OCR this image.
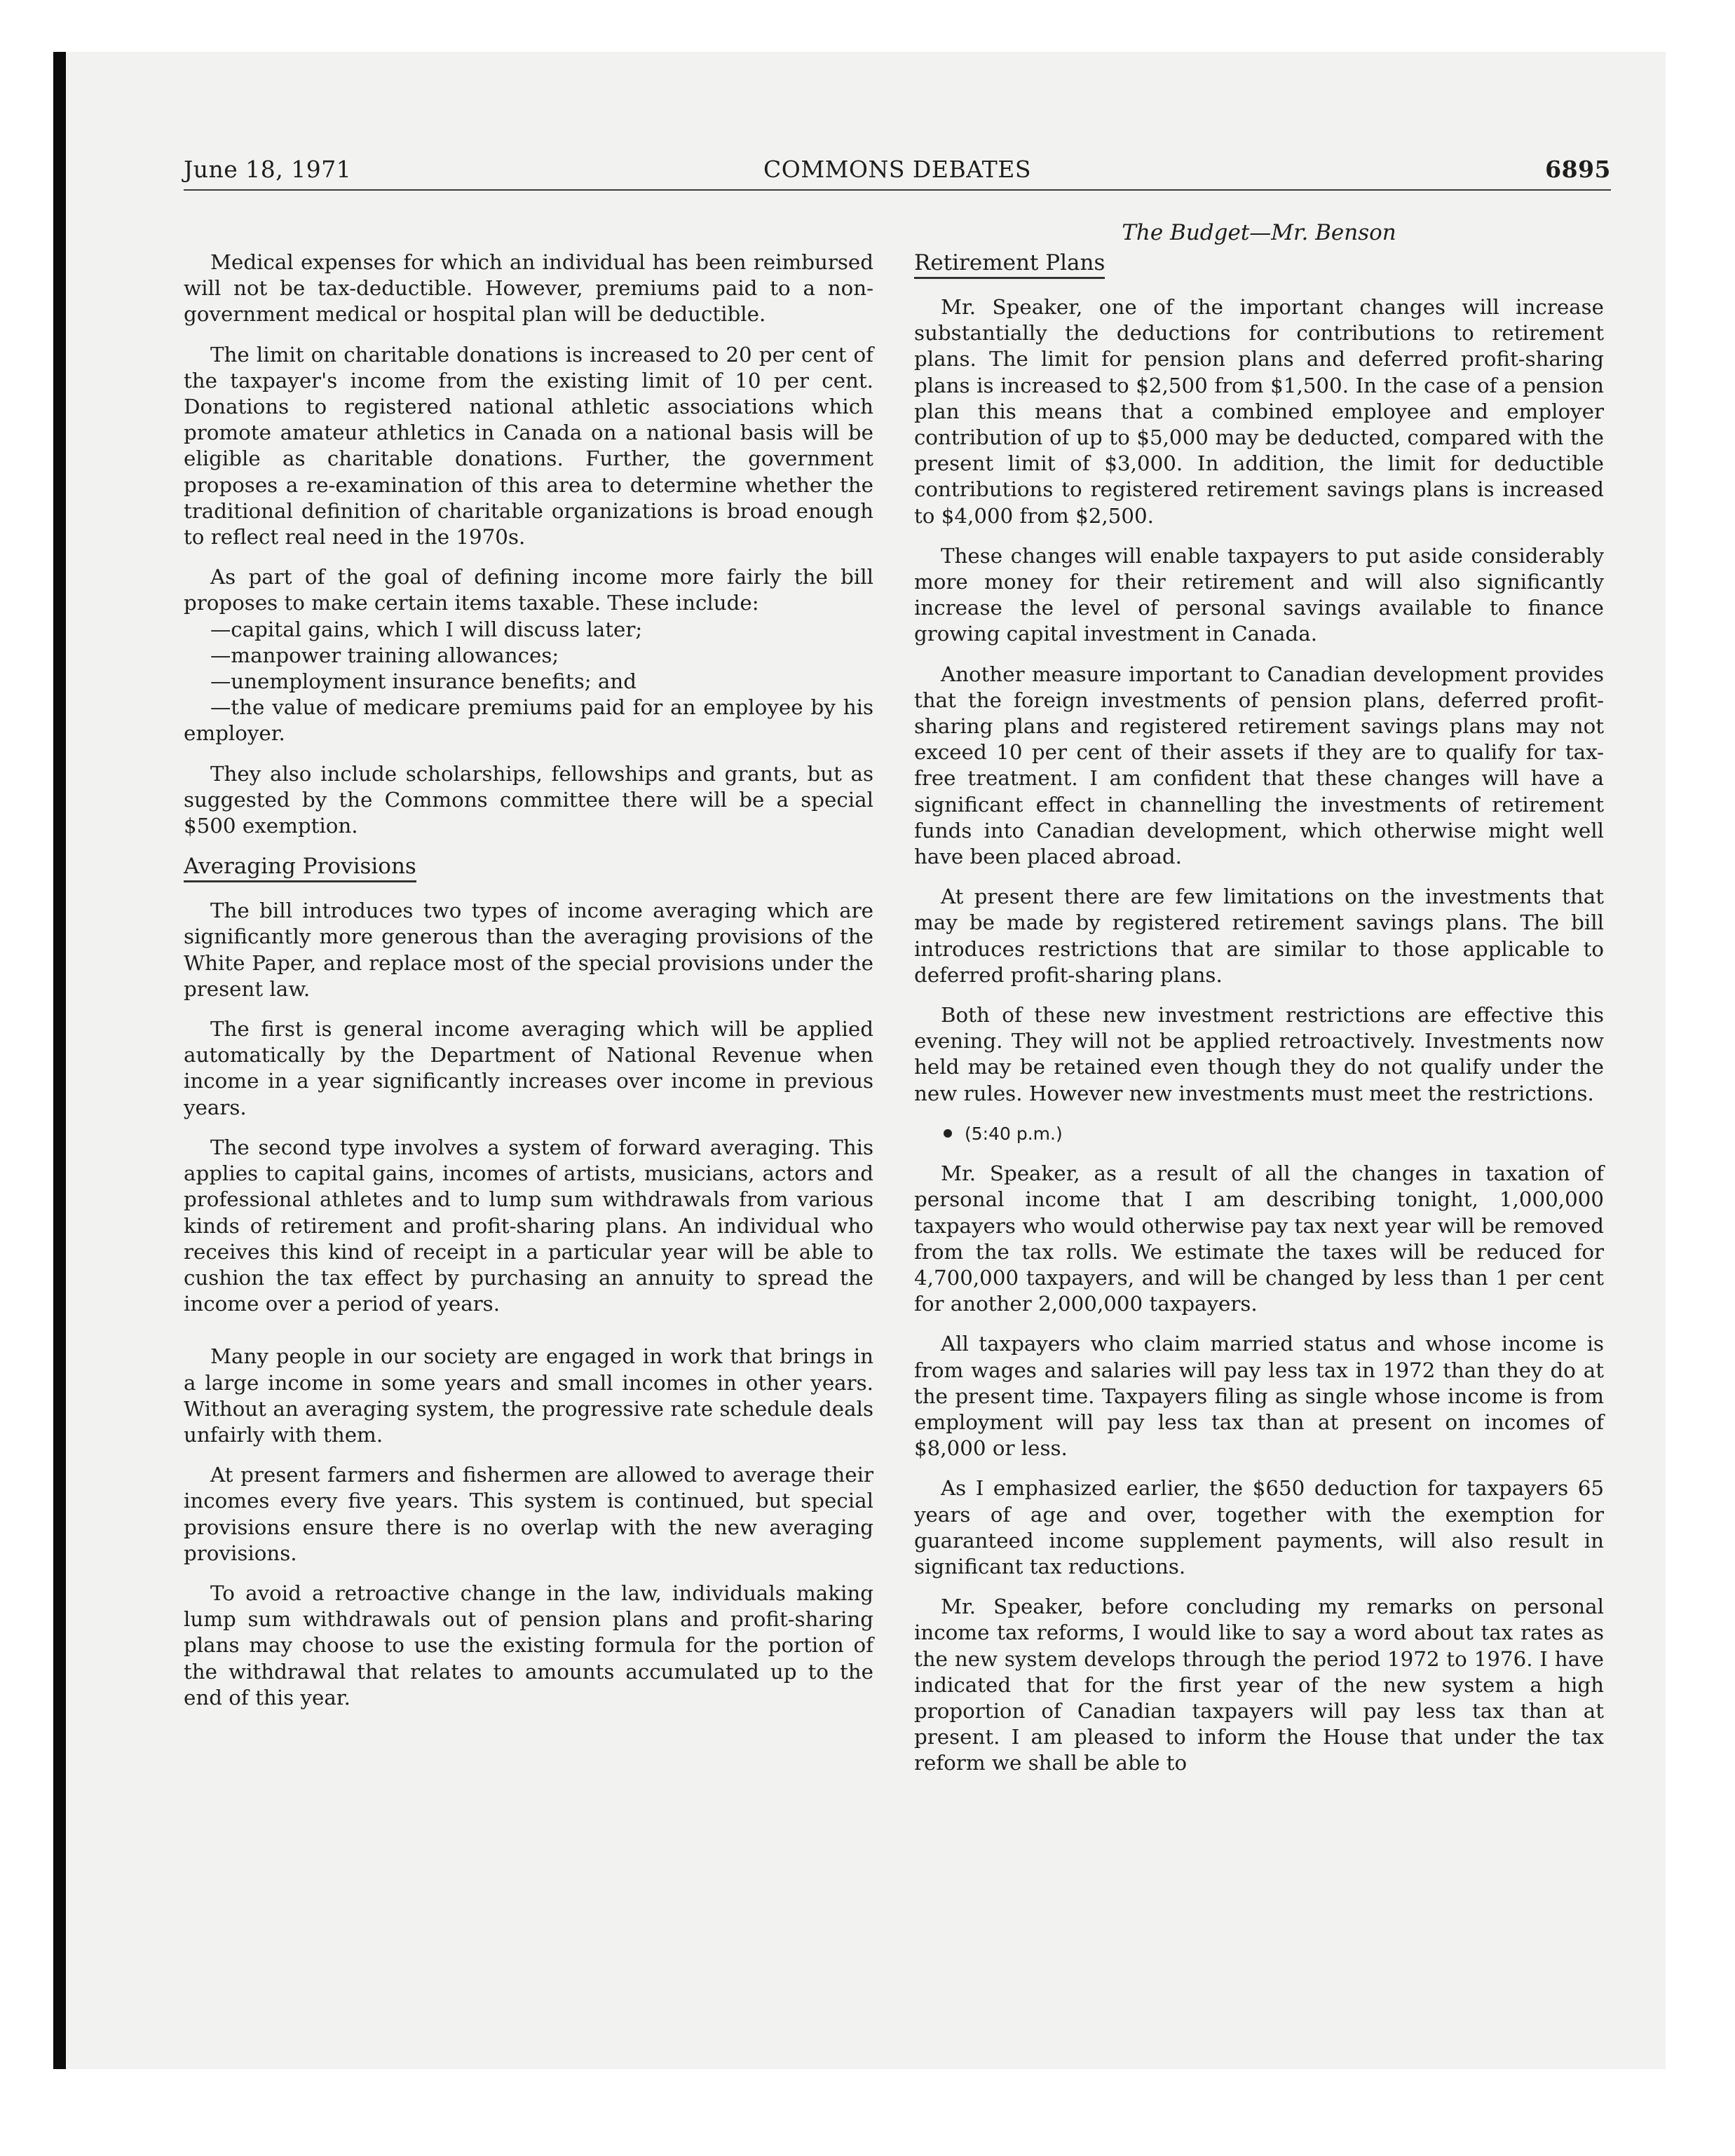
June 18, 1971	COMMONS DEBATES	6895
The Budget—Mr. Benson

Medical expenses for which an individual has been reimbursed will not be tax-deductible. However, premiums paid to a non-government medical or hospital plan will be deductible.

The limit on charitable donations is increased to 20 per cent of the taxpayer's income from the existing limit of 10 per cent. Donations to registered national athletic associations which promote amateur athletics in Canada on a national basis will be eligible as charitable donations. Further, the government proposes a re-examination of this area to determine whether the traditional definition of charitable organizations is broad enough to reflect real need in the 1970s.

As part of the goal of defining income more fairly the bill proposes to make certain items taxable. These include:

—capital gains, which I will discuss later;

—manpower training allowances;

—unemployment insurance benefits; and

—the value of medicare premiums paid for an employee by his employer.

They also include scholarships, fellowships and grants, but as suggested by the Commons committee there will be a special $500 exemption.

Averaging Provisions

The bill introduces two types of income averaging which are significantly more generous than the averaging provisions of the White Paper, and replace most of the special provisions under the present law.

The first is general income averaging which will be applied automatically by the Department of National Revenue when income in a year significantly increases over income in previous years.

The second type involves a system of forward averaging. This applies to capital gains, incomes of artists, musicians, actors and professional athletes and to lump sum withdrawals from various kinds of retirement and profit-sharing plans. An individual who receives this kind of receipt in a particular year will be able to cushion the tax effect by purchasing an annuity to spread the income over a period of years.

Many people in our society are engaged in work that brings in a large income in some years and small incomes in other years. Without an averaging system, the progressive rate schedule deals unfairly with them.

At present farmers and fishermen are allowed to average their incomes every five years. This system is continued, but special provisions ensure there is no overlap with the new averaging provisions.

To avoid a retroactive change in the law, individuals making lump sum withdrawals out of pension plans and profit-sharing plans may choose to use the existing formula for the portion of the withdrawal that relates to amounts accumulated up to the end of this year.

Retirement Plans

Mr. Speaker, one of the important changes will increase substantially the deductions for contributions to retirement plans. The limit for pension plans and deferred profit-sharing plans is increased to $2,500 from $1,500. In the case of a pension plan this means that a combined employee and employer contribution of up to $5,000 may be deducted, compared with the present limit of $3,000. In addition, the limit for deductible contributions to registered retirement savings plans is increased to $4,000 from $2,500.

These changes will enable taxpayers to put aside considerably more money for their retirement and will also significantly increase the level of personal savings available to finance growing capital investment in Canada.

Another measure important to Canadian development provides that the foreign investments of pension plans, deferred profit-sharing plans and registered retirement savings plans may not exceed 10 per cent of their assets if they are to qualify for tax-free treatment. I am confident that these changes will have a significant effect in channelling the investments of retirement funds into Canadian development, which otherwise might well have been placed abroad.

At present there are few limitations on the investments that may be made by registered retirement savings plans. The bill introduces restrictions that are similar to those applicable to deferred profit-sharing plans.

Both of these new investment restrictions are effective this evening. They will not be applied retroactively. Investments now held may be retained even though they do not qualify under the new rules. However new investments must meet the restrictions.

(5:40 p.m.)

Mr. Speaker, as a result of all the changes in taxation of personal income that I am describing tonight, 1,000,000 taxpayers who would otherwise pay tax next year will be removed from the tax rolls. We estimate the taxes will be reduced for 4,700,000 taxpayers, and will be changed by less than 1 per cent for another 2,000,000 taxpayers.

All taxpayers who claim married status and whose income is from wages and salaries will pay less tax in 1972 than they do at the present time. Taxpayers filing as single whose income is from employment will pay less tax than at present on incomes of $8,000 or less.

As I emphasized earlier, the $650 deduction for taxpayers 65 years of age and over, together with the exemption for guaranteed income supplement payments, will also result in significant tax reductions.

Mr. Speaker, before concluding my remarks on personal income tax reforms, I would like to say a word about tax rates as the new system develops through the period 1972 to 1976. I have indicated that for the first year of the new system a high proportion of Canadian taxpayers will pay less tax than at present. I am pleased to inform the House that under the tax reform we shall be able to
